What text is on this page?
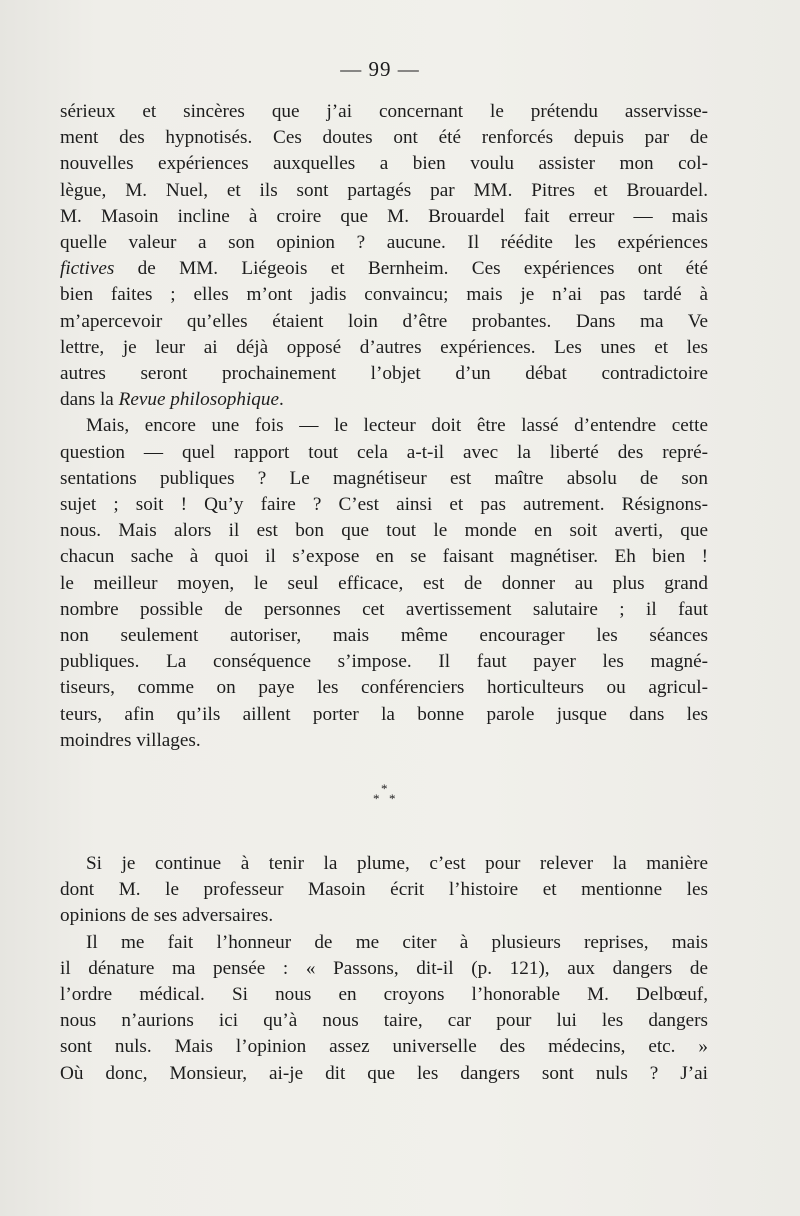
— 99 —
sérieux et sincères que j’ai concernant le prétendu asservisse-
ment des hypnotisés. Ces doutes ont été renforcés depuis par de
nouvelles expériences auxquelles a bien voulu assister mon col-
lègue, M. Nuel, et ils sont partagés par MM. Pitres et Brouardel.
M. Masoin incline à croire que M. Brouardel fait erreur — mais
quelle valeur a son opinion ? aucune. Il réédite les expériences
fictives de MM. Liégeois et Bernheim. Ces expériences ont été
bien faites ; elles m’ont jadis convaincu; mais je n’ai pas tardé à
m’apercevoir qu’elles étaient loin d’être probantes. Dans ma Ve
lettre, je leur ai déjà opposé d’autres expériences. Les unes et les
autres seront prochainement l’objet d’un débat contradictoire
dans la Revue philosophique.
Mais, encore une fois — le lecteur doit être lassé d’entendre cette
question — quel rapport tout cela a-t-il avec la liberté des repré-
sentations publiques ? Le magnétiseur est maître absolu de son
sujet ; soit ! Qu’y faire ? C’est ainsi et pas autrement. Résignons-
nous. Mais alors il est bon que tout le monde en soit averti, que
chacun sache à quoi il s’expose en se faisant magnétiser. Eh bien !
le meilleur moyen, le seul efficace, est de donner au plus grand
nombre possible de personnes cet avertissement salutaire ; il faut
non seulement autoriser, mais même encourager les séances
publiques. La conséquence s’impose. Il faut payer les magné-
tiseurs, comme on paye les conférenciers horticulteurs ou agricul-
teurs, afin qu’ils aillent porter la bonne parole jusque dans les
moindres villages.
*
* *
Si je continue à tenir la plume, c’est pour relever la manière
dont M. le professeur Masoin écrit l’histoire et mentionne les
opinions de ses adversaires.
Il me fait l’honneur de me citer à plusieurs reprises, mais
il dénature ma pensée : « Passons, dit-il (p. 121), aux dangers de
l’ordre médical. Si nous en croyons l’honorable M. Delbœuf,
nous n’aurions ici qu’à nous taire, car pour lui les dangers
sont nuls. Mais l’opinion assez universelle des médecins, etc. »
Où donc, Monsieur, ai-je dit que les dangers sont nuls ? J’ai
